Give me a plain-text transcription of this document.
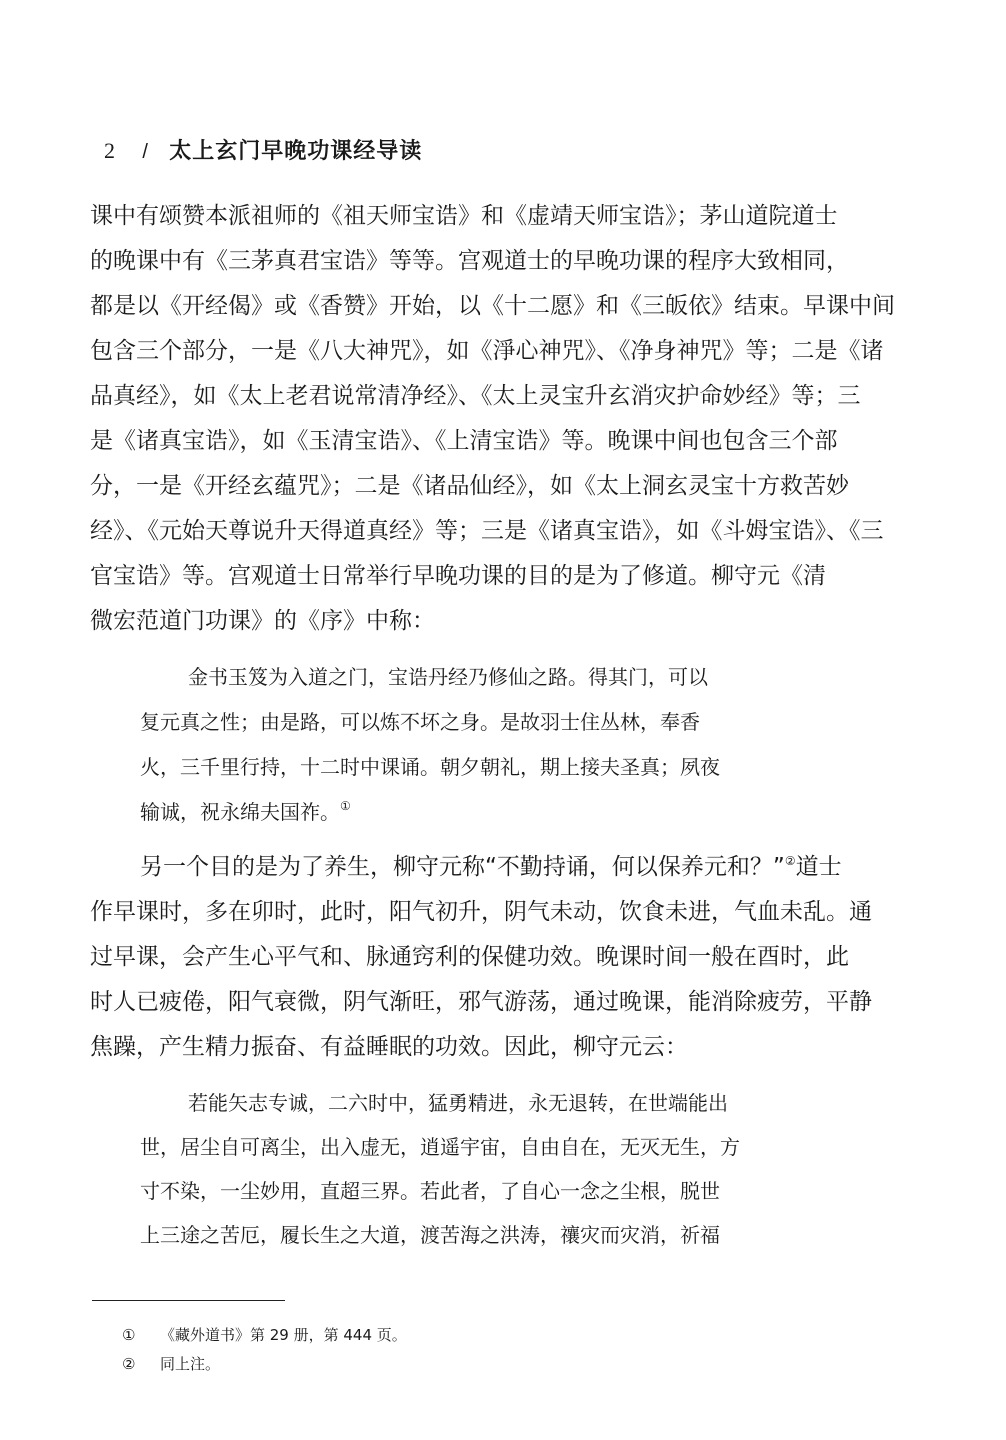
2 / 太上玄门早晚功课经导读
课中有颂赞本派祖师的《祖天师宝诰》和《虚靖天师宝诰》；茅山道院道士
的晚课中有《三茅真君宝诰》等等。宫观道士的早晚功课的程序大致相同，
都是以《开经偈》或《香赞》开始，以《十二愿》和《三皈依》结束。早课中间
包含三个部分，一是《八大神咒》，如《淨心神咒》、《净身神咒》等；二是《诸
品真经》，如《太上老君说常清净经》、《太上灵宝升玄消灾护命妙经》等；三
是《诸真宝诰》，如《玉清宝诰》、《上清宝诰》等。晚课中间也包含三个部
分，一是《开经玄蕴咒》；二是《诸品仙经》，如《太上洞玄灵宝十方救苦妙
经》、《元始天尊说升天得道真经》等；三是《诸真宝诰》，如《斗姆宝诰》、《三
官宝诰》等。宫观道士日常举行早晚功课的目的是为了修道。柳守元《清
微宏范道门功课》的《序》中称：
金书玉笈为入道之门，宝诰丹经乃修仙之路。得其门，可以
复元真之性；由是路，可以炼不坏之身。是故羽士住丛林，奉香
火，三千里行持，十二时中课诵。朝夕朝礼，期上接夫圣真；夙夜
输诚，祝永绵夫国祚。①
另一个目的是为了养生，柳守元称“不勤持诵，何以保养元和？”②道士
作早课时，多在卯时，此时，阳气初升，阴气未动，饮食未进，气血未乱。通
过早课，会产生心平气和、脉通窍利的保健功效。晚课时间一般在酉时，此
时人已疲倦，阳气衰微，阴气渐旺，邪气游荡，通过晚课，能消除疲劳，平静
焦躁，产生精力振奋、有益睡眠的功效。因此，柳守元云：
若能矢志专诚，二六时中，猛勇精进，永无退转，在世端能出
世，居尘自可离尘，出入虚无，逍遥宇宙，自由自在，无灭无生，方
寸不染，一尘妙用，直超三界。若此者，了自心一念之尘根，脱世
上三途之苦厄，履长生之大道，渡苦海之洪涛，禳灾而灾消，祈福
① 《藏外道书》第 29 册，第 444 页。
② 同上注。
